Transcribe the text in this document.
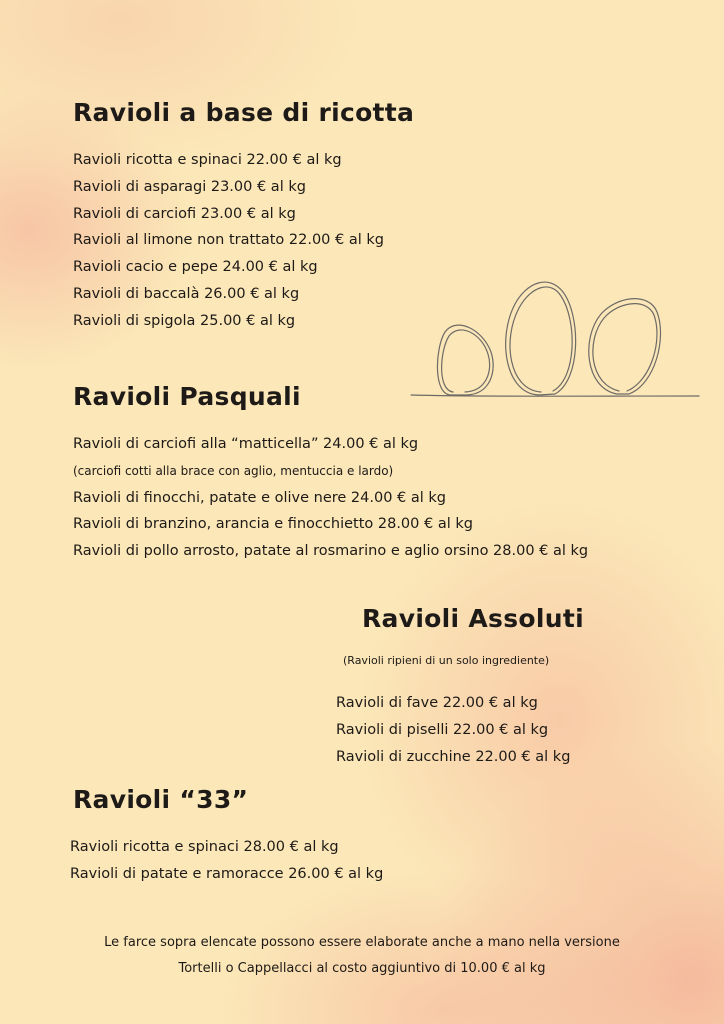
Ravioli a base di ricotta
Ravioli ricotta e spinaci 22.00 € al kg
Ravioli di asparagi 23.00 € al kg
Ravioli di carciofi 23.00 € al kg
Ravioli al limone non trattato 22.00 € al kg
Ravioli cacio e pepe 24.00 € al kg
Ravioli di baccalà 26.00 € al kg
Ravioli di spigola 25.00 € al kg
Ravioli Pasquali
Ravioli di carciofi alla “matticella” 24.00 € al kg
(carciofi cotti alla brace con aglio, mentuccia e lardo)
Ravioli di finocchi, patate e olive nere 24.00 € al kg
Ravioli di branzino, arancia e finocchietto 28.00 € al kg
Ravioli di pollo arrosto, patate al rosmarino e aglio orsino 28.00 € al kg
Ravioli Assoluti
(Ravioli ripieni di un solo ingrediente)
Ravioli di fave 22.00 € al kg
Ravioli di piselli 22.00 € al kg
Ravioli di zucchine 22.00 € al kg
Ravioli “33”
Ravioli ricotta e spinaci 28.00 € al kg
Ravioli di patate e ramoracce 26.00 € al kg
Le farce sopra elencate possono essere elaborate anche a mano nella versione
Tortelli o Cappellacci al costo aggiuntivo di 10.00 € al kg
